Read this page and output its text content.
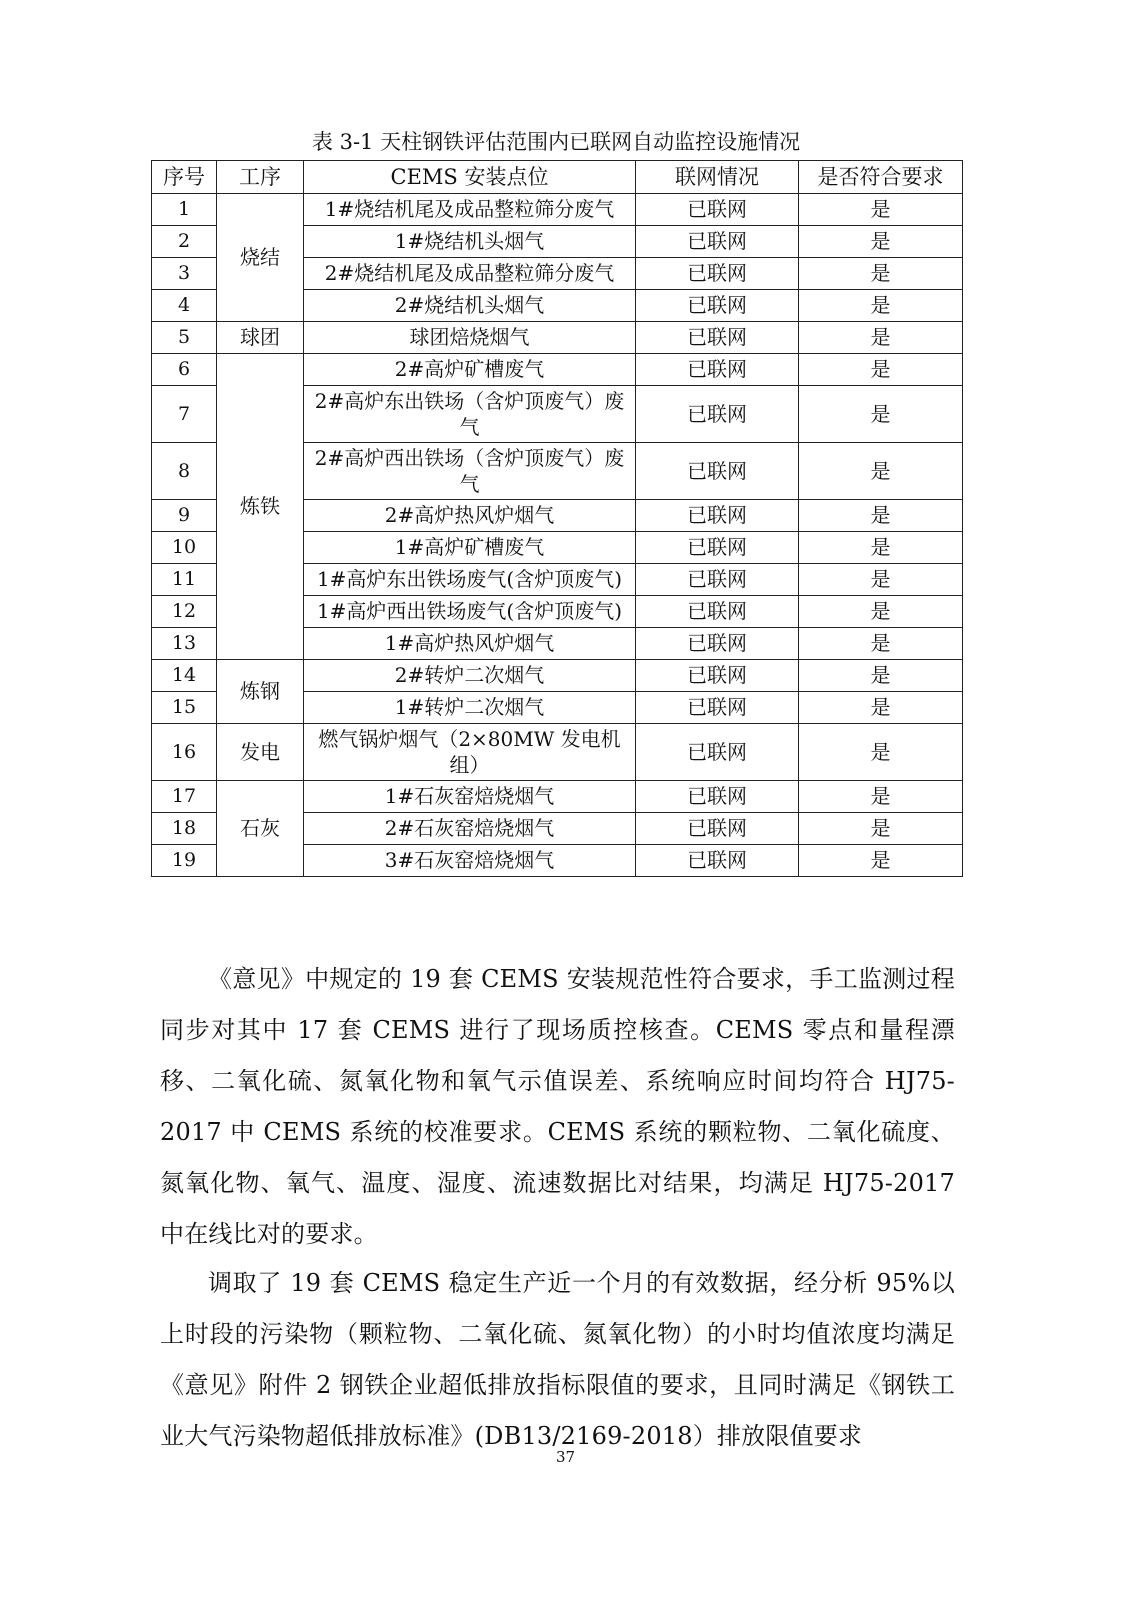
表 3-1 天柱钢铁评估范围内已联网自动监控设施情况
序号	工序	CEMS 安装点位	联网情况	是否符合要求
1	烧结	1#烧结机尾及成品整粒筛分废气	已联网	是
2		1#烧结机头烟气	已联网	是
3		2#烧结机尾及成品整粒筛分废气	已联网	是
4		2#烧结机头烟气	已联网	是
5	球团	球团焙烧烟气	已联网	是
6	炼铁	2#高炉矿槽废气	已联网	是
7		2#高炉东出铁场（含炉顶废气）废气	已联网	是
8		2#高炉西出铁场（含炉顶废气）废气	已联网	是
9		2#高炉热风炉烟气	已联网	是
10		1#高炉矿槽废气	已联网	是
11		1#高炉东出铁场废气(含炉顶废气)	已联网	是
12		1#高炉西出铁场废气(含炉顶废气)	已联网	是
13		1#高炉热风炉烟气	已联网	是
14	炼钢	2#转炉二次烟气	已联网	是
15		1#转炉二次烟气	已联网	是
16	发电	燃气锅炉烟气（2×80MW 发电机组）	已联网	是
17	石灰	1#石灰窑焙烧烟气	已联网	是
18		2#石灰窑焙烧烟气	已联网	是
19		3#石灰窑焙烧烟气	已联网	是

《意见》中规定的 19 套 CEMS 安装规范性符合要求，手工监测过程同步对其中 17 套 CEMS 进行了现场质控核查。CEMS 零点和量程漂移、二氧化硫、氮氧化物和氧气示值误差、系统响应时间均符合 HJ75-2017 中 CEMS 系统的校准要求。CEMS 系统的颗粒物、二氧化硫度、氮氧化物、氧气、温度、湿度、流速数据比对结果，均满足 HJ75-2017 中在线比对的要求。

调取了 19 套 CEMS 稳定生产近一个月的有效数据，经分析 95%以上时段的污染物（颗粒物、二氧化硫、氮氧化物）的小时均值浓度均满足《意见》附件 2 钢铁企业超低排放指标限值的要求，且同时满足《钢铁工业大气污染物超低排放标准》(DB13/2169-2018）排放限值要求

37
